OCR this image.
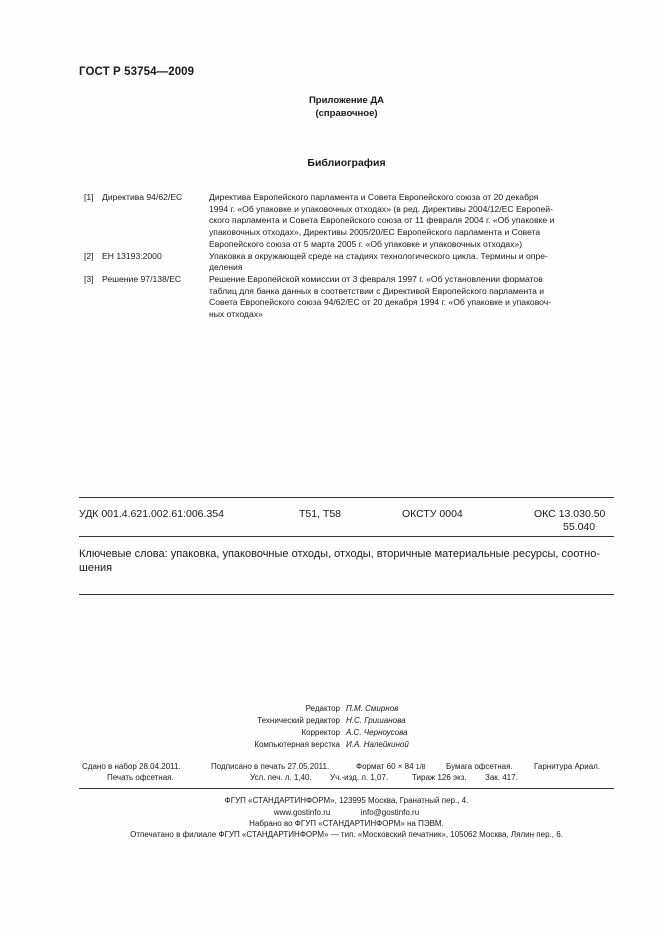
ГОСТ Р 53754—2009
Приложение ДА
(справочное)
Библиография
[1] Директива 94/62/ЕС	Директива Европейского парламента и Совета Европейского союза от 20 декабря
1994 г. «Об упаковке и упаковочных отходах» (в ред. Директивы 2004/12/ЕС Европей-
ского парламента и Совета Европейского союза от 11 февраля 2004 г. «Об упаковке и
упаковочных отходах», Директивы 2005/20/ЕС Европейского парламента и Совета
Европейского союза от 5 марта 2005 г. «Об упаковке и упаковочных отходах»)
[2] ЕН 13193:2000	Упаковка в окружающей среде на стадиях технологического цикла. Термины и опре-
деления
[3] Решение 97/138/ЕС	Решение Европейской комиссии от 3 февраля 1997 г. «Об установлении форматов
таблиц для банка данных в соответствии с Директивой Европейского парламента и
Совета Европейского союза 94/62/ЕС от 20 декабря 1994 г. «Об упаковке и упаковоч-
ных отходах»
УДК 001.4.621.002.61:006.354	Т51, Т58	ОКСТУ 0004	ОКС 13.030.50
55.040
Ключевые слова: упаковка, упаковочные отходы, отходы, вторичные материальные ресурсы, соотно-
шения
Редактор П.М. Смирнов
Технический редактор Н.С. Гришанова
Корректор А.С. Черноусова
Компьютерная верстка И.А. Налейкиной
Сдано в набор 28.04.2011.	Подписано в печать 27.05.2011.	Формат 60 × 84 1/8	Бумага офсетная.	Гарнитура Ариал.
Печать офсетная.	Усл. печ. л. 1,40. Уч.-изд. л. 1,07.	Тираж 126 экз. Зак. 417.
ФГУП «СТАНДАРТИНФОРМ», 123995 Москва, Гранатный пер., 4.
www.gostinfo.ru	info@gostinfo.ru
Набрано во ФГУП «СТАНДАРТИНФОРМ» на ПЭВМ.
Отпечатано в филиале ФГУП «СТАНДАРТИНФОРМ» — тип. «Московский печатник», 105062 Москва, Лялин пер., 6.
